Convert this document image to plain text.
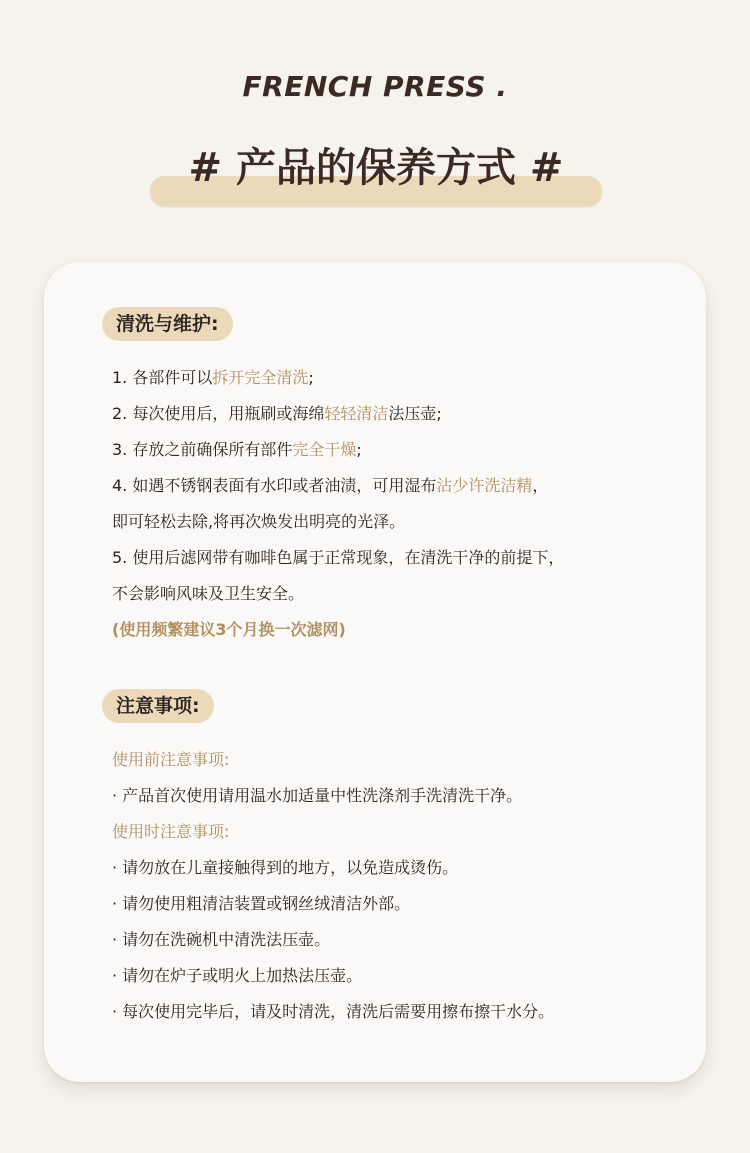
FRENCH PRESS .
# 产品的保养方式 #
清洗与维护:
1. 各部件可以拆开完全清洗;
2. 每次使用后，用瓶刷或海绵轻轻清洁法压壶;
3. 存放之前确保所有部件完全干燥;
4. 如遇不锈钢表面有水印或者油渍，可用湿布沾少许洗洁精，
即可轻松去除,将再次焕发出明亮的光泽。
5. 使用后滤网带有咖啡色属于正常现象，在清洗干净的前提下，
不会影响风味及卫生安全。
(使用频繁建议3个月换一次滤网)
注意事项:
使用前注意事项:
· 产品首次使用请用温水加适量中性洗涤剂手洗清洗干净。
使用时注意事项:
· 请勿放在儿童接触得到的地方，以免造成烫伤。
· 请勿使用粗清洁装置或钢丝绒清洁外部。
· 请勿在洗碗机中清洗法压壶。
· 请勿在炉子或明火上加热法压壶。
· 每次使用完毕后，请及时清洗，清洗后需要用擦布擦干水分。
